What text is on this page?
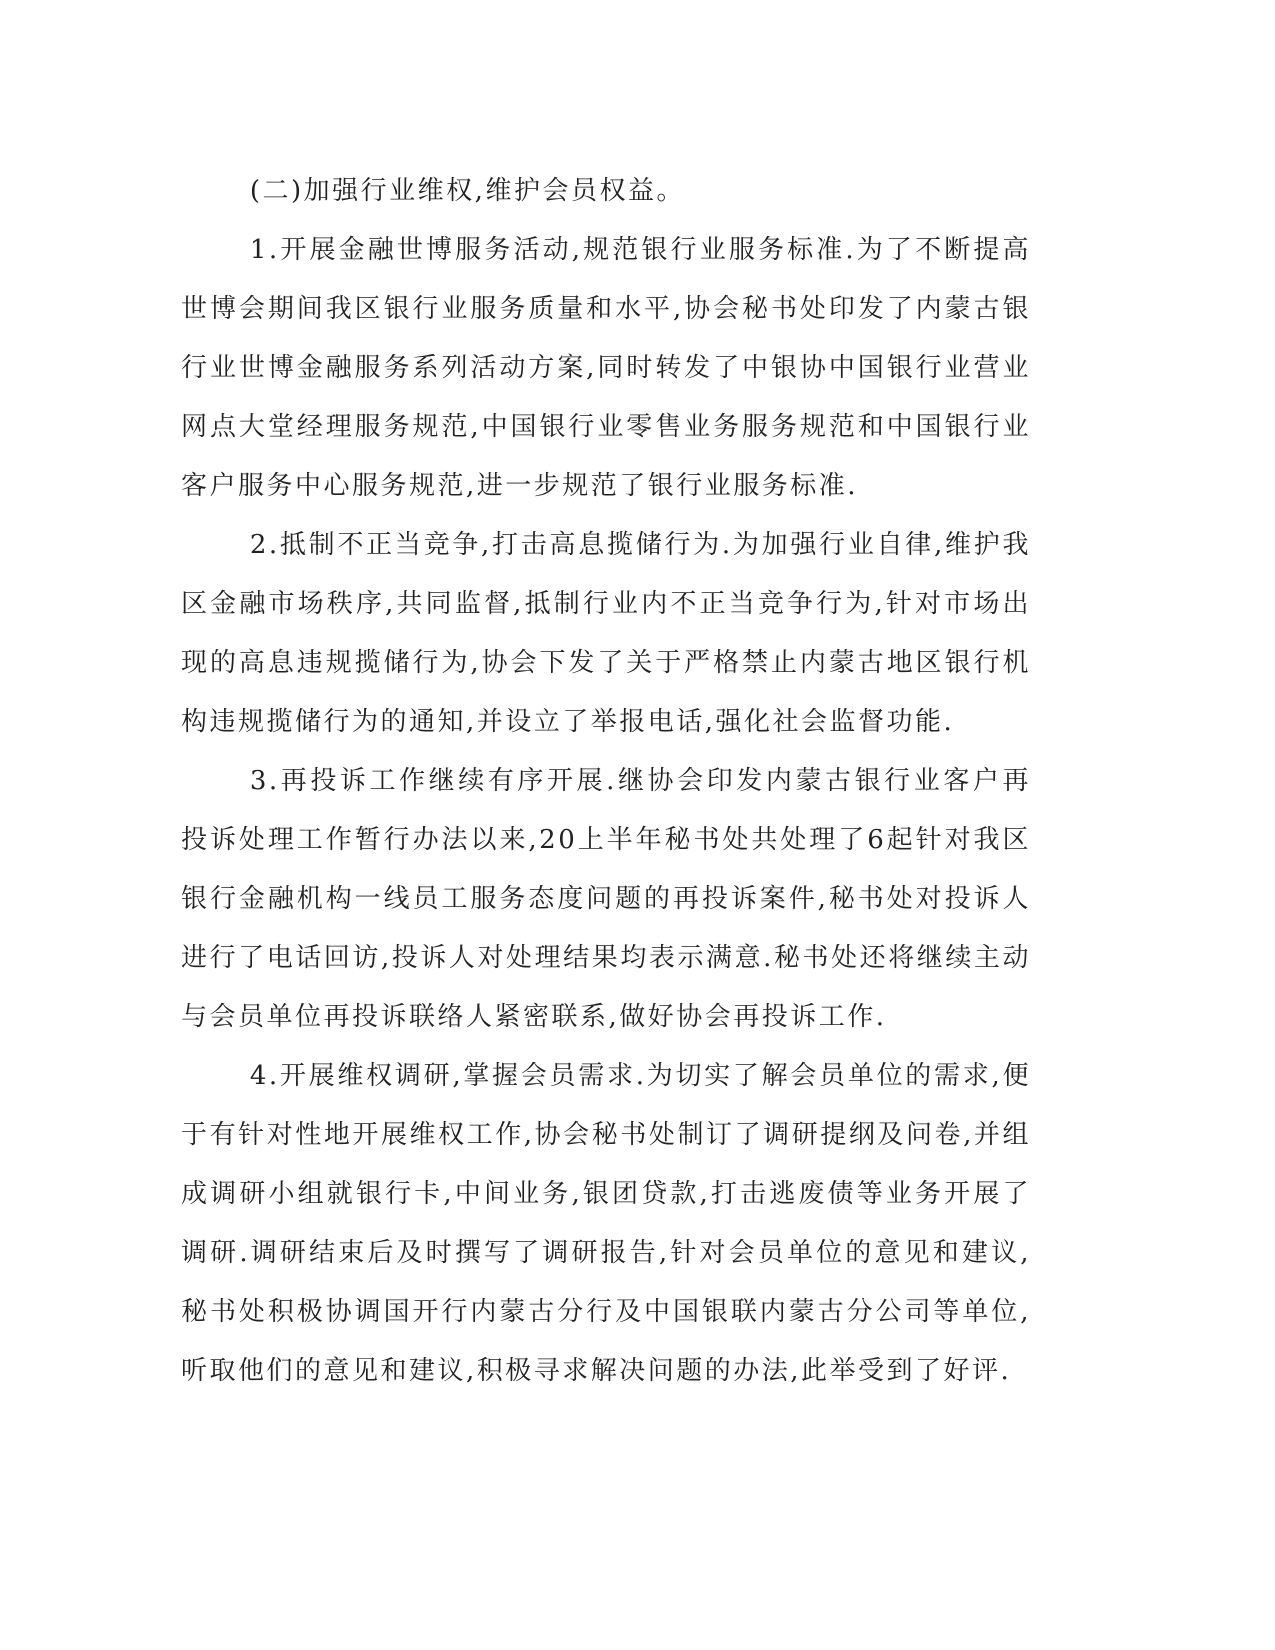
(二)加强行业维权,维护会员权益。

1.开展金融世博服务活动,规范银行业服务标准.为了不断提高世博会期间我区银行业服务质量和水平,协会秘书处印发了内蒙古银行业世博金融服务系列活动方案,同时转发了中银协中国银行业营业网点大堂经理服务规范,中国银行业零售业务服务规范和中国银行业客户服务中心服务规范,进一步规范了银行业服务标准.

2.抵制不正当竞争,打击高息揽储行为.为加强行业自律,维护我区金融市场秩序,共同监督,抵制行业内不正当竞争行为,针对市场出现的高息违规揽储行为,协会下发了关于严格禁止内蒙古地区银行机构违规揽储行为的通知,并设立了举报电话,强化社会监督功能.

3.再投诉工作继续有序开展.继协会印发内蒙古银行业客户再投诉处理工作暂行办法以来,20上半年秘书处共处理了6起针对我区银行金融机构一线员工服务态度问题的再投诉案件,秘书处对投诉人进行了电话回访,投诉人对处理结果均表示满意.秘书处还将继续主动与会员单位再投诉联络人紧密联系,做好协会再投诉工作.

4.开展维权调研,掌握会员需求.为切实了解会员单位的需求,便于有针对性地开展维权工作,协会秘书处制订了调研提纲及问卷,并组成调研小组就银行卡,中间业务,银团贷款,打击逃废债等业务开展了调研.调研结束后及时撰写了调研报告,针对会员单位的意见和建议,秘书处积极协调国开行内蒙古分行及中国银联内蒙古分公司等单位,听取他们的意见和建议,积极寻求解决问题的办法,此举受到了好评.
